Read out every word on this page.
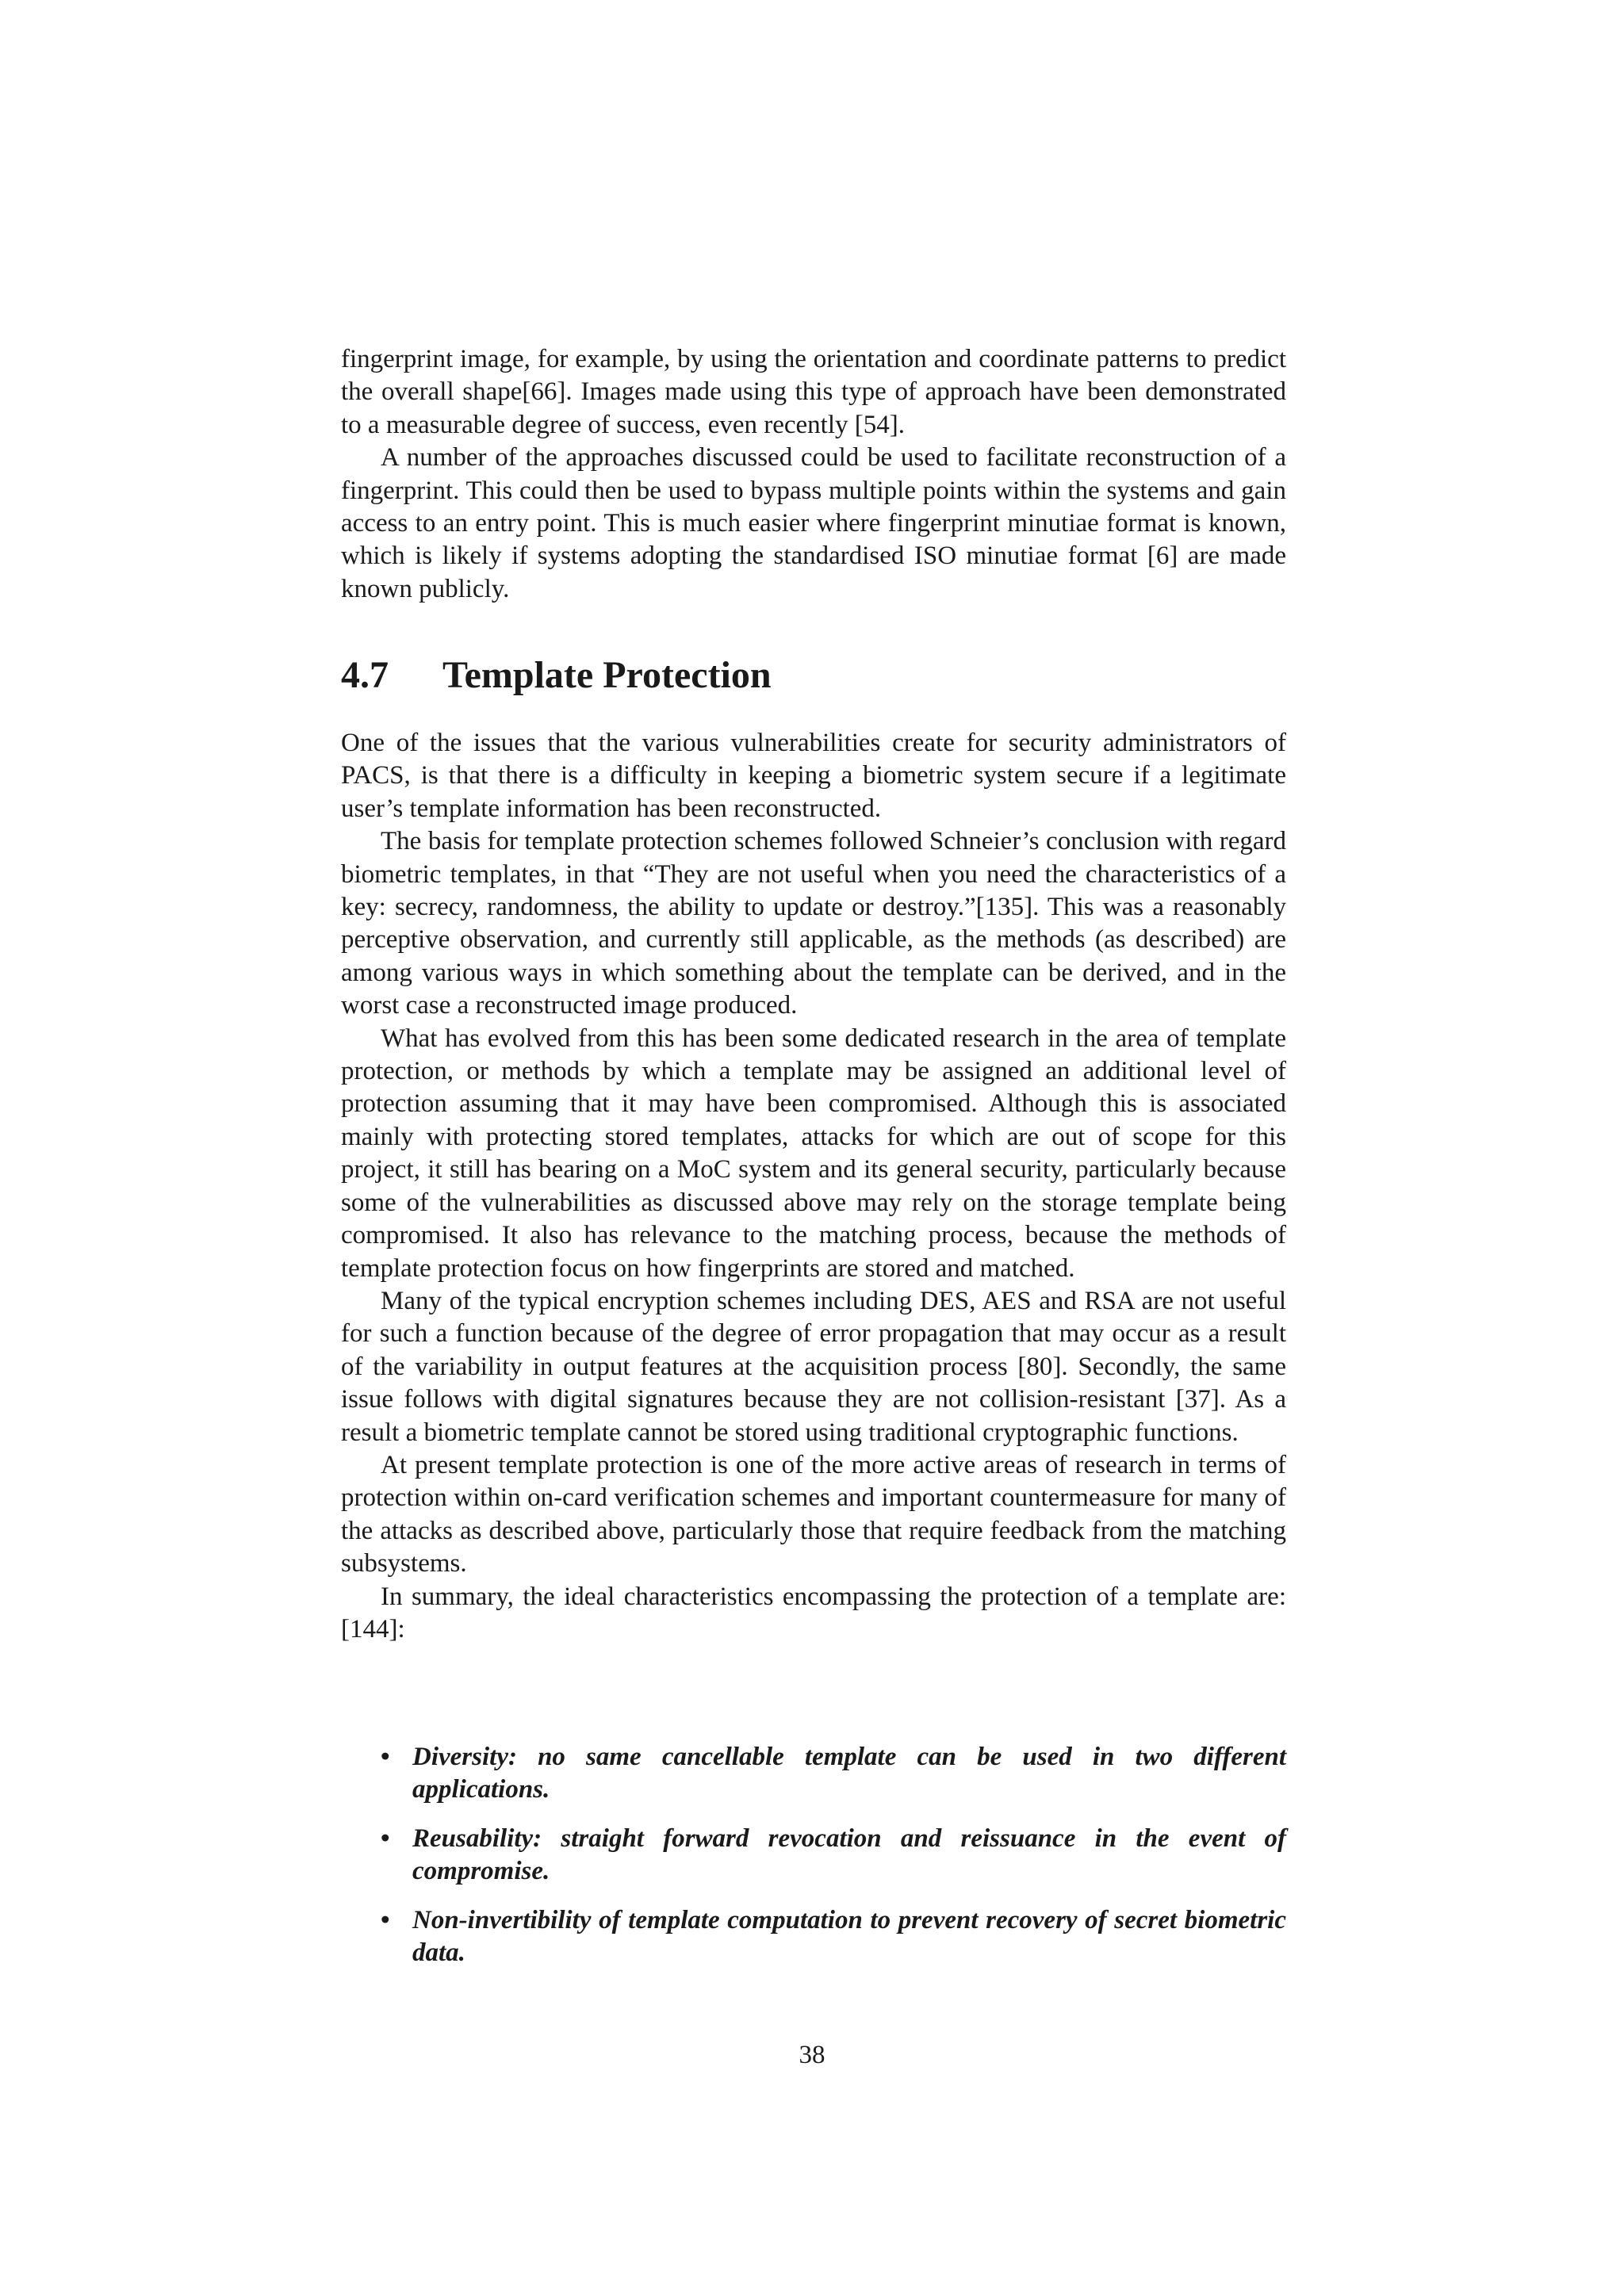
fingerprint image, for example, by using the orientation and coordinate patterns to predict the overall shape[66]. Images made using this type of approach have been demonstrated to a measurable degree of success, even recently [54].

A number of the approaches discussed could be used to facilitate reconstruction of a fingerprint. This could then be used to bypass multiple points within the systems and gain access to an entry point. This is much easier where fingerprint minutiae format is known, which is likely if systems adopting the standardised ISO minutiae format [6] are made known publicly.

4.7 Template Protection

One of the issues that the various vulnerabilities create for security administrators of PACS, is that there is a difficulty in keeping a biometric system secure if a legitimate user’s template information has been reconstructed.

The basis for template protection schemes followed Schneier’s conclusion with regard biometric templates, in that “They are not useful when you need the characteristics of a key: secrecy, randomness, the ability to update or destroy.”[135]. This was a reasonably perceptive observation, and currently still applicable, as the methods (as described) are among various ways in which something about the template can be derived, and in the worst case a reconstructed image produced.

What has evolved from this has been some dedicated research in the area of template protection, or methods by which a template may be assigned an additional level of protection assuming that it may have been compromised. Although this is associated mainly with protecting stored templates, attacks for which are out of scope for this project, it still has bearing on a MoC system and its general security, particularly because some of the vulnerabilities as discussed above may rely on the storage template being compromised. It also has relevance to the matching process, because the methods of template protection focus on how fingerprints are stored and matched.

Many of the typical encryption schemes including DES, AES and RSA are not useful for such a function because of the degree of error propagation that may occur as a result of the variability in output features at the acquisition process [80]. Secondly, the same issue follows with digital signatures because they are not collision-resistant [37]. As a result a biometric template cannot be stored using traditional cryptographic functions.

At present template protection is one of the more active areas of research in terms of protection within on-card verification schemes and important countermeasure for many of the attacks as described above, particularly those that require feedback from the matching subsystems.

In summary, the ideal characteristics encompassing the protection of a template are:[144]:

• Diversity: no same cancellable template can be used in two different applications.
• Reusability: straight forward revocation and reissuance in the event of compromise.
• Non-invertibility of template computation to prevent recovery of secret biometric data.
38
